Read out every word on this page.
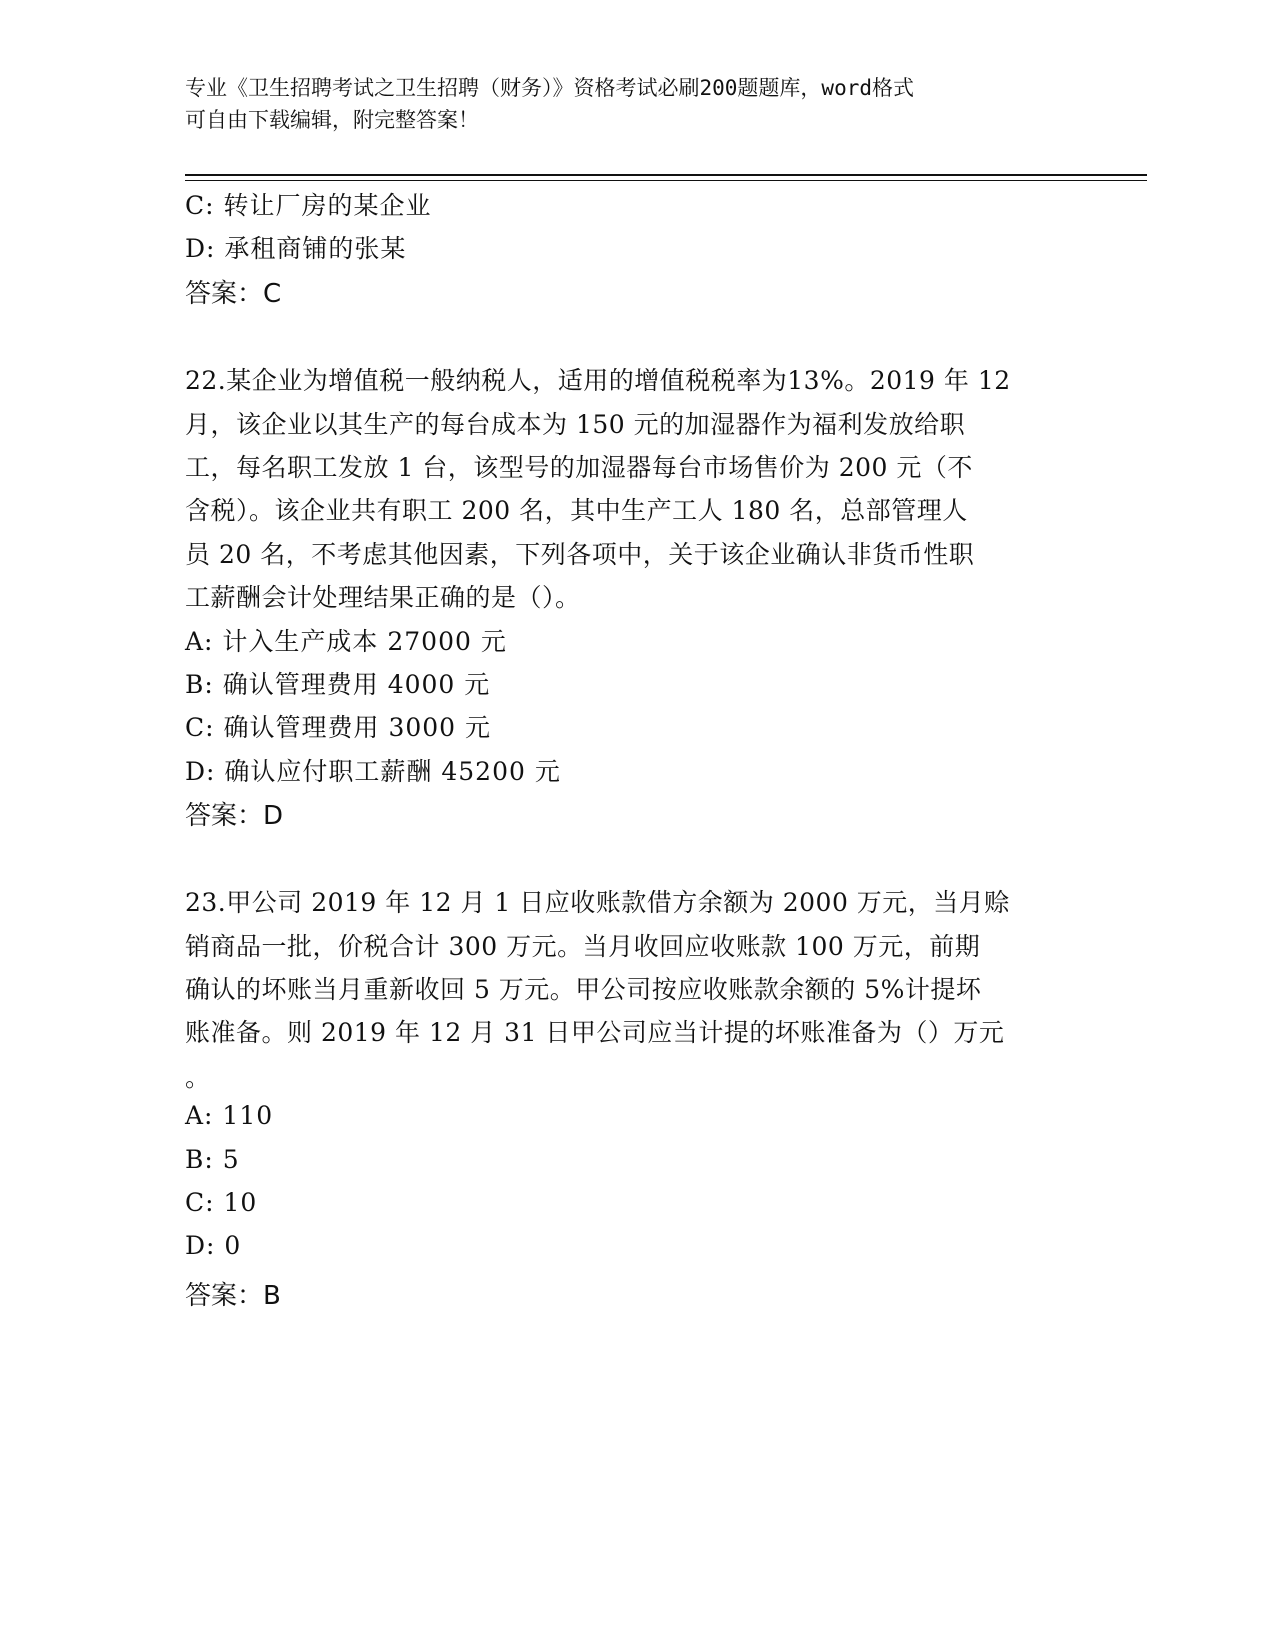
专业《卫生招聘考试之卫生招聘（财务）》资格考试必刷200题题库，word格式
可自由下载编辑，附完整答案！
C: 转让厂房的某企业
D: 承租商铺的张某
答案：C
22.某企业为增值税一般纳税人，适用的增值税税率为13%。2019 年 12
月，该企业以其生产的每台成本为 150 元的加湿器作为福利发放给职
工，每名职工发放 1 台，该型号的加湿器每台市场售价为 200 元（不
含税）。该企业共有职工 200 名，其中生产工人 180 名，总部管理人
员 20 名，不考虑其他因素，下列各项中，关于该企业确认非货币性职
工薪酬会计处理结果正确的是（）。
A: 计入生产成本 27000 元
B: 确认管理费用 4000 元
C: 确认管理费用 3000 元
D: 确认应付职工薪酬 45200 元
答案：D
23.甲公司 2019 年 12 月 1 日应收账款借方余额为 2000 万元，当月赊
销商品一批，价税合计 300 万元。当月收回应收账款 100 万元，前期
确认的坏账当月重新收回 5 万元。甲公司按应收账款余额的 5%计提坏
账准备。则 2019 年 12 月 31 日甲公司应当计提的坏账准备为（）万元
。
A: 110
B: 5
C: 10
D: 0
答案：B
